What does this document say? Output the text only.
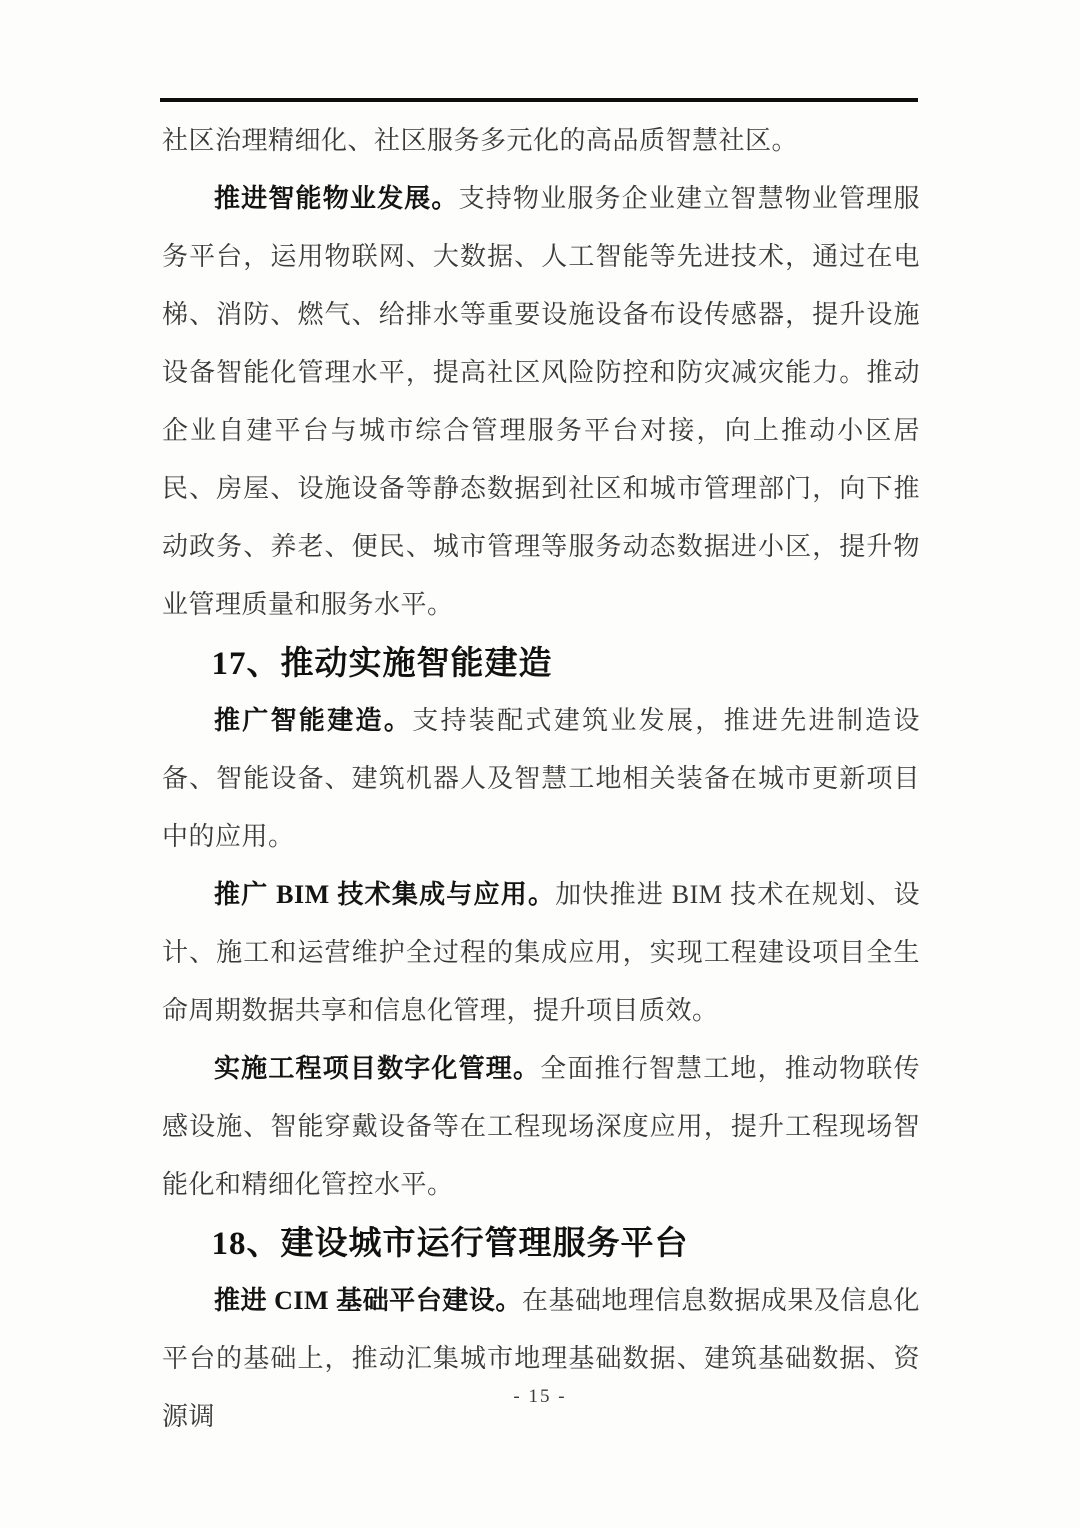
社区治理精细化、社区服务多元化的高品质智慧社区。

推进智能物业发展。支持物业服务企业建立智慧物业管理服务平台，运用物联网、大数据、人工智能等先进技术，通过在电梯、消防、燃气、给排水等重要设施设备布设传感器，提升设施设备智能化管理水平，提高社区风险防控和防灾减灾能力。推动企业自建平台与城市综合管理服务平台对接，向上推动小区居民、房屋、设施设备等静态数据到社区和城市管理部门，向下推动政务、养老、便民、城市管理等服务动态数据进小区，提升物业管理质量和服务水平。

17、推动实施智能建造

推广智能建造。支持装配式建筑业发展，推进先进制造设备、智能设备、建筑机器人及智慧工地相关装备在城市更新项目中的应用。

推广 BIM 技术集成与应用。加快推进 BIM 技术在规划、设计、施工和运营维护全过程的集成应用，实现工程建设项目全生命周期数据共享和信息化管理，提升项目质效。

实施工程项目数字化管理。全面推行智慧工地，推动物联传感设施、智能穿戴设备等在工程现场深度应用，提升工程现场智能化和精细化管控水平。

18、建设城市运行管理服务平台

推进 CIM 基础平台建设。在基础地理信息数据成果及信息化平台的基础上，推动汇集城市地理基础数据、建筑基础数据、资源调

- 15 -
